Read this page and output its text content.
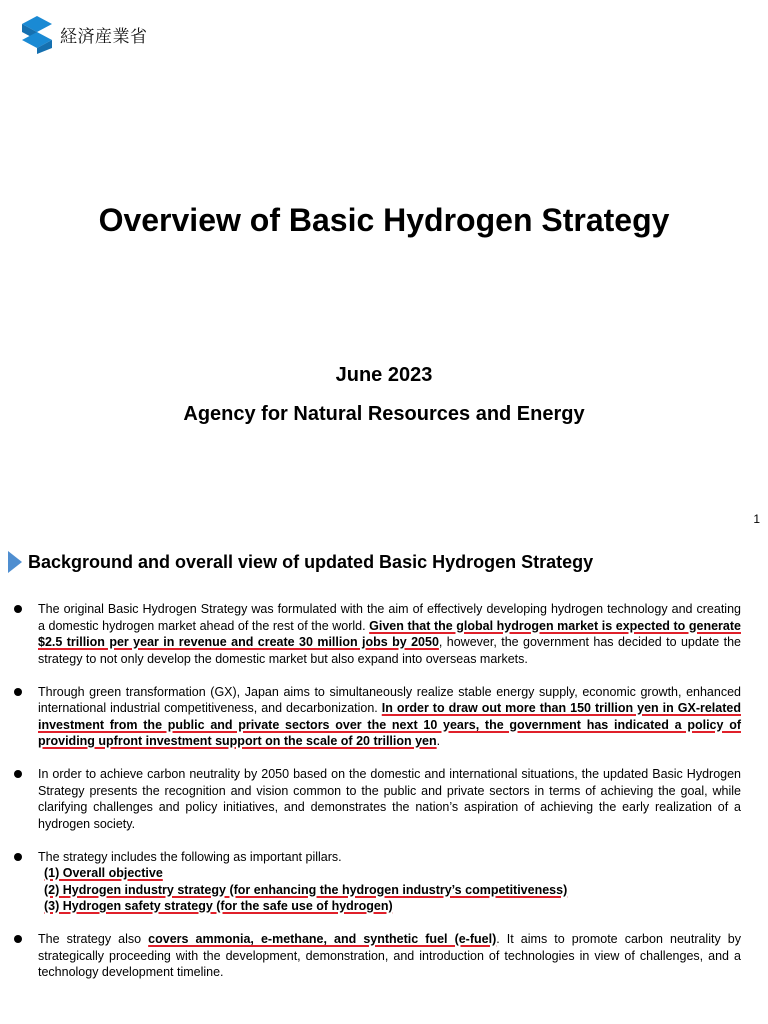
経済産業省
Overview of Basic Hydrogen Strategy
June 2023
Agency for Natural Resources and Energy
1
Background and overall view of updated Basic Hydrogen Strategy
The original Basic Hydrogen Strategy was formulated with the aim of effectively developing hydrogen technology and creating a domestic hydrogen market ahead of the rest of the world. Given that the global hydrogen market is expected to generate $2.5 trillion per year in revenue and create 30 million jobs by 2050, however, the government has decided to update the strategy to not only develop the domestic market but also expand into overseas markets.
Through green transformation (GX), Japan aims to simultaneously realize stable energy supply, economic growth, enhanced international industrial competitiveness, and decarbonization. In order to draw out more than 150 trillion yen in GX-related investment from the public and private sectors over the next 10 years, the government has indicated a policy of providing upfront investment support on the scale of 20 trillion yen.
In order to achieve carbon neutrality by 2050 based on the domestic and international situations, the updated Basic Hydrogen Strategy presents the recognition and vision common to the public and private sectors in terms of achieving the goal, while clarifying challenges and policy initiatives, and demonstrates the nation’s aspiration of achieving the early realization of a hydrogen society.
The strategy includes the following as important pillars.
(1) Overall objective
(2) Hydrogen industry strategy (for enhancing the hydrogen industry’s competitiveness)
(3) Hydrogen safety strategy (for the safe use of hydrogen)
The strategy also covers ammonia, e-methane, and synthetic fuel (e-fuel). It aims to promote carbon neutrality by strategically proceeding with the development, demonstration, and introduction of technologies in view of challenges, and a technology development timeline.
